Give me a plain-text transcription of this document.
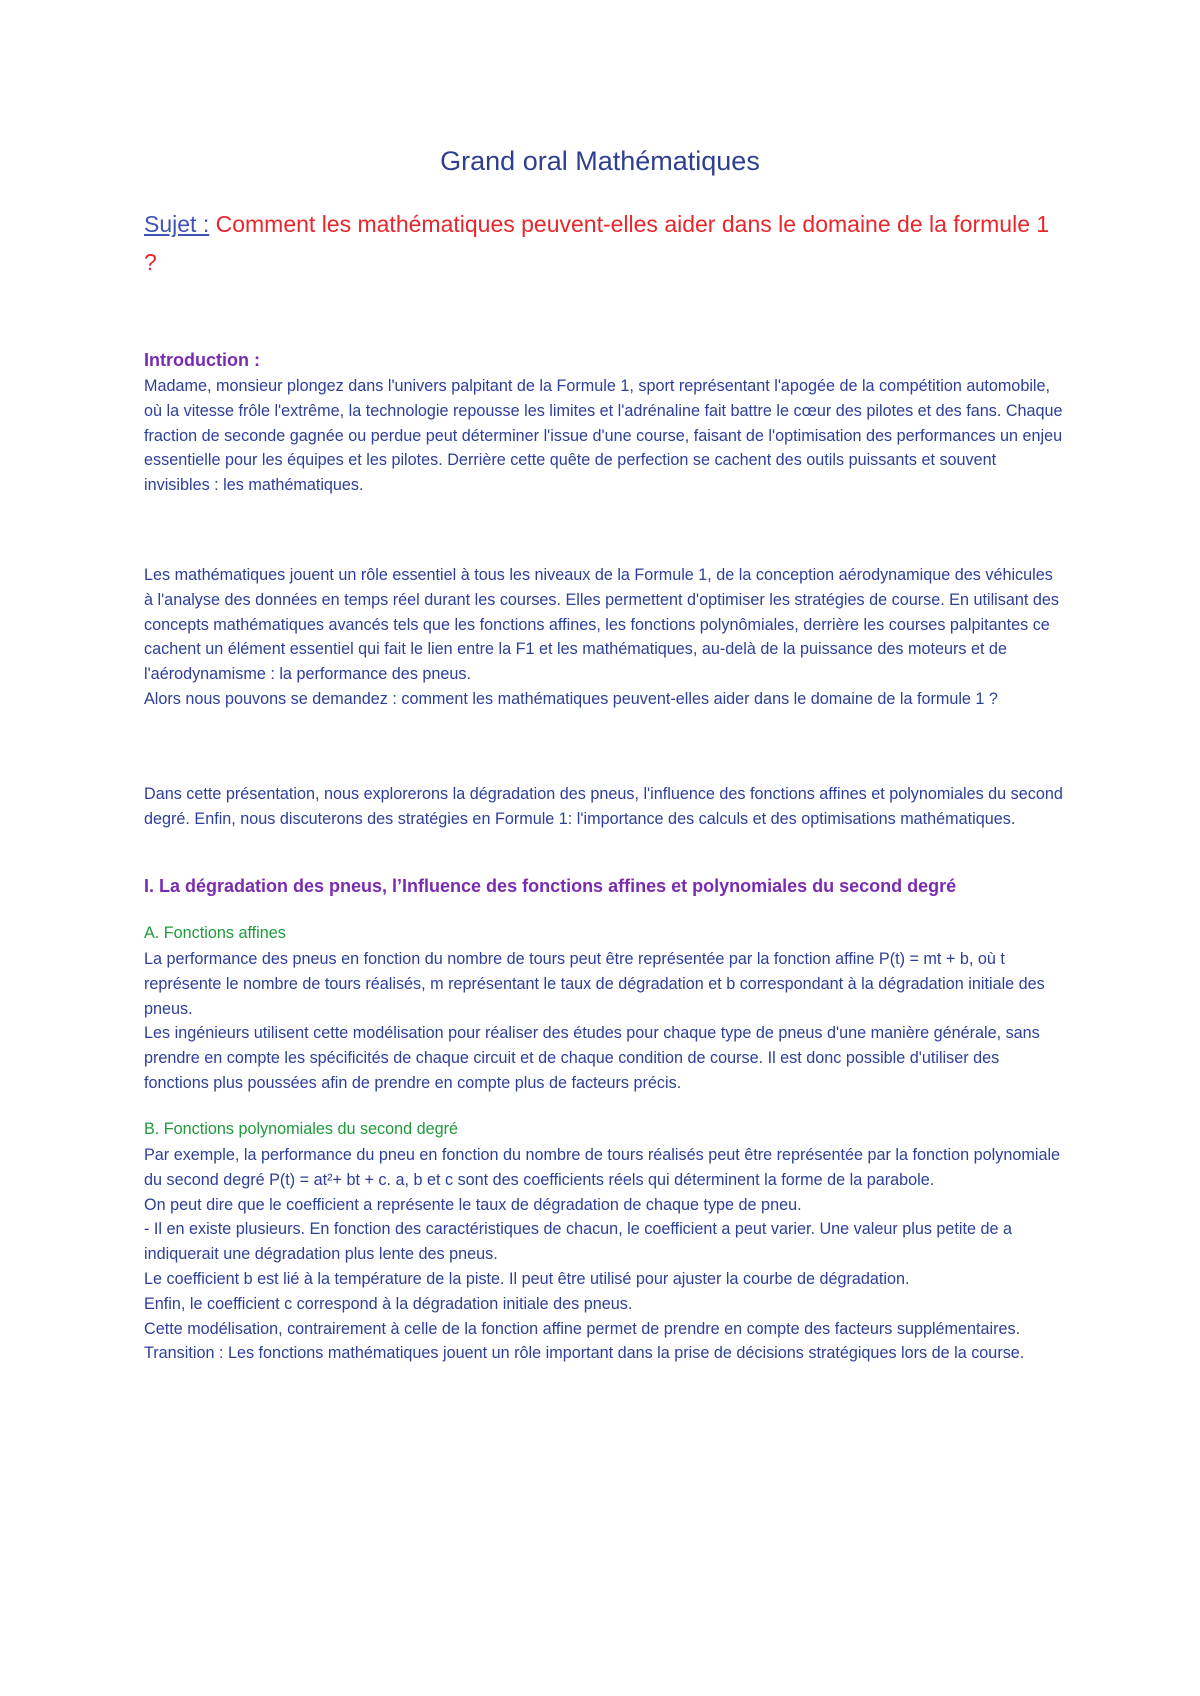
Grand oral Mathématiques
Sujet : Comment les mathématiques peuvent-elles aider dans le domaine de la formule 1 ?
Introduction :

Madame, monsieur plongez dans l'univers palpitant de la Formule 1, sport représentant l'apogée de la compétition automobile, où la vitesse frôle l'extrême, la technologie repousse les limites et l'adrénaline fait battre le cœur des pilotes et des fans. Chaque fraction de seconde gagnée ou perdue peut déterminer l'issue d'une course, faisant de l'optimisation des performances un enjeu essentielle pour les équipes et les pilotes. Derrière cette quête de perfection se cachent des outils puissants et souvent invisibles : les mathématiques.

Les mathématiques jouent un rôle essentiel à tous les niveaux de la Formule 1, de la conception aérodynamique des véhicules à l'analyse des données en temps réel durant les courses. Elles permettent d'optimiser les stratégies de course. En utilisant des concepts mathématiques avancés tels que les fonctions affines, les fonctions polynômiales, derrière les courses palpitantes ce cachent un élément essentiel qui fait le lien entre la F1 et les mathématiques, au-delà de la puissance des moteurs et de l'aérodynamisme : la performance des pneus.

Alors nous pouvons se demandez : comment les mathématiques peuvent-elles aider dans le domaine de la formule 1 ?

Dans cette présentation, nous explorerons la dégradation des pneus, l'influence des fonctions affines et polynomiales du second degré. Enfin, nous discuterons des stratégies en Formule 1: l'importance des calculs et des optimisations mathématiques.

I. La dégradation des pneus, l’Influence des fonctions affines et polynomiales du second degré
A. Fonctions affines

La performance des pneus en fonction du nombre de tours peut être représentée par la fonction affine P(t) = mt + b, où t représente le nombre de tours réalisés, m représentant le taux de dégradation et b correspondant à la dégradation initiale des pneus.

Les ingénieurs utilisent cette modélisation pour réaliser des études pour chaque type de pneus d'une manière générale, sans prendre en compte les spécificités de chaque circuit et de chaque condition de course. Il est donc possible d'utiliser des fonctions plus poussées afin de prendre en compte plus de facteurs précis.

B. Fonctions polynomiales du second degré

Par exemple, la performance du pneu en fonction du nombre de tours réalisés peut être représentée par la fonction polynomiale du second degré P(t) = at²+ bt + c. a, b et c sont des coefficients réels qui déterminent la forme de la parabole.

On peut dire que le coefficient a représente le taux de dégradation de chaque type de pneu.

- Il en existe plusieurs. En fonction des caractéristiques de chacun, le coefficient a peut varier. Une valeur plus petite de a indiquerait une dégradation plus lente des pneus.

Le coefficient b est lié à la température de la piste. Il peut être utilisé pour ajuster la courbe de dégradation.

Enfin, le coefficient c correspond à la dégradation initiale des pneus.

Cette modélisation, contrairement à celle de la fonction affine permet de prendre en compte des facteurs supplémentaires.

Transition : Les fonctions mathématiques jouent un rôle important dans la prise de décisions stratégiques lors de la course.
